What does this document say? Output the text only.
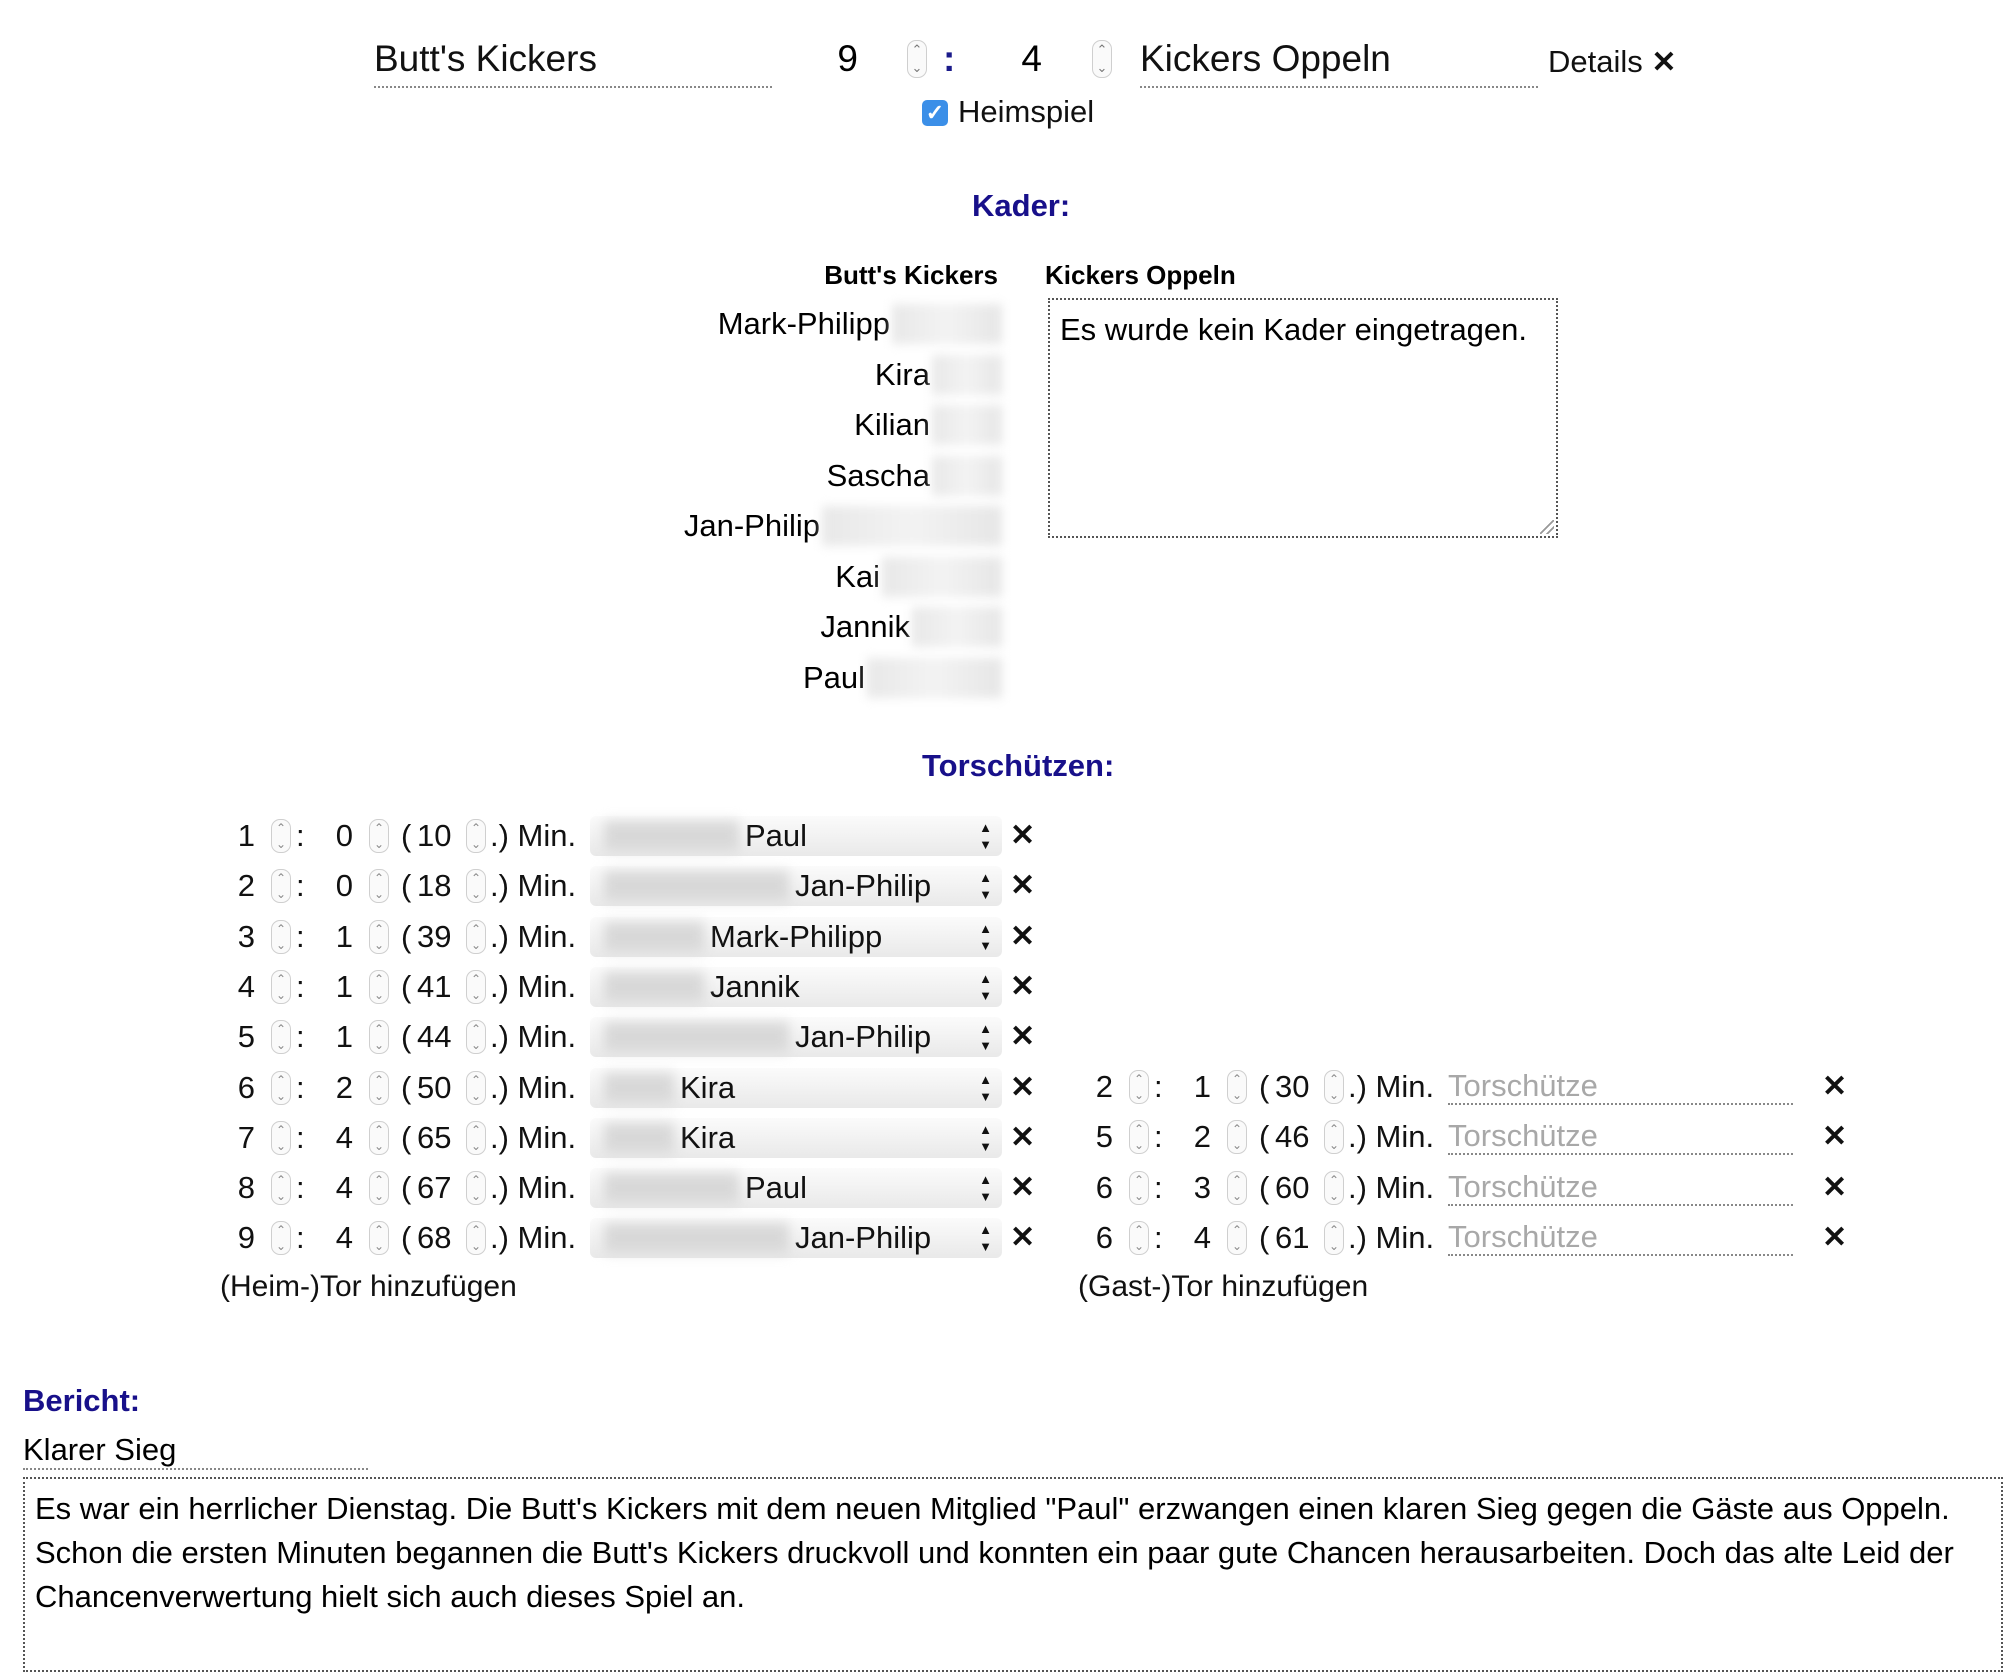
Butt's Kickers	9	⌃
⌄ :	4	⌃
⌄ Kickers Oppeln	Details ✕
✓ Heimspiel
Kader:
Butt's Kickers Kickers Oppeln
Mark-Philipp
Kira
Kilian
Sascha
Jan-Philip
Kai
Jannik
Paul
Es wurde kein Kader eingetragen.
Torschützen:
1	⌃
⌄ :	0	⌃
⌄ ( 10	⌃
⌄ .) Min.	Paul	▲
▼ ✕
2	⌃
⌄ :	0	⌃
⌄ ( 18	⌃
⌄ .) Min.	Jan-Philip	▲
▼ ✕
3	⌃
⌄ :	1	⌃
⌄ ( 39	⌃
⌄ .) Min.	Mark-Philipp	▲
▼ ✕
4	⌃
⌄ :	1	⌃
⌄ ( 41	⌃
⌄ .) Min.	Jannik	▲
▼ ✕
5	⌃
⌄ :	1	⌃
⌄ ( 44	⌃
⌄ .) Min.	Jan-Philip	▲
▼ ✕
6	⌃
⌄ :	2	⌃
⌄ ( 50	⌃
⌄ .) Min.	Kira	▲
▼ ✕
7	⌃
⌄ :	4	⌃
⌄ ( 65	⌃
⌄ .) Min.	Kira	▲
▼ ✕
8	⌃
⌄ :	4	⌃
⌄ ( 67	⌃
⌄ .) Min.	Paul	▲
▼ ✕
9	⌃
⌄ :	4	⌃
⌄ ( 68	⌃
⌄ .) Min.	Jan-Philip	▲
▼ ✕
2	⌃
⌄ :	1	⌃
⌄ ( 30	⌃
⌄ .) Min. Torschütze	✕
5	⌃
⌄ :	2	⌃
⌄ ( 46	⌃
⌄ .) Min. Torschütze	✕
6	⌃
⌄ :	3	⌃
⌄ ( 60	⌃
⌄ .) Min. Torschütze	✕
6	⌃
⌄ :	4	⌃
⌄ ( 61	⌃
⌄ .) Min. Torschütze	✕
(Heim-)Tor hinzufügen	(Gast-)Tor hinzufügen
Bericht:
Klarer Sieg
Es war ein herrlicher Dienstag. Die Butt's Kickers mit dem neuen Mitglied "Paul" erzwangen einen klaren Sieg gegen die Gäste aus Oppeln. Schon die ersten Minuten begannen die Butt's Kickers druckvoll und konnten ein paar gute Chancen herausarbeiten. Doch das alte Leid der Chancenverwertung hielt sich auch dieses Spiel an.
